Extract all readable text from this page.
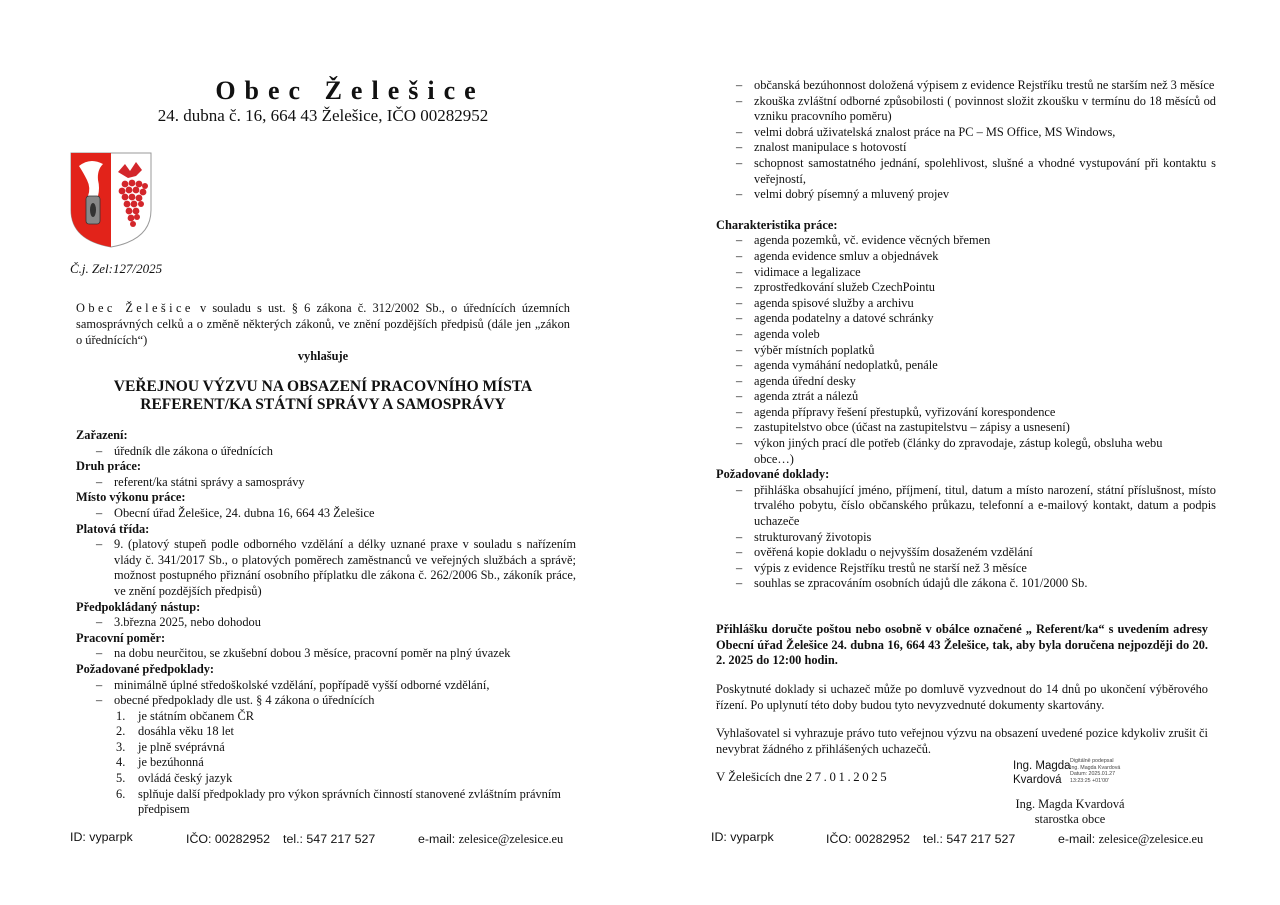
Obec Želešice
24. dubna č. 16, 664 43 Želešice, IČO 00282952
Č.j. Zel:127/2025
Obec Želešice v souladu s ust. § 6 zákona č. 312/2002 Sb., o úřednících územních samosprávných celků a o změně některých zákonů, ve znění pozdějších předpisů (dále jen „zákon o úřednících“)
vyhlašuje
VEŘEJNOU VÝZVU NA OBSAZENÍ PRACOVNÍHO MÍSTA
REFERENT/KA STÁTNÍ SPRÁVY A SAMOSPRÁVY
Zařazení:
– úředník dle zákona o úřednících
Druh práce:
– referent/ka státni správy a samosprávy
Místo výkonu práce:
– Obecní úřad Želešice, 24. dubna 16, 664 43 Želešice
Platová třída:
– 9. (platový stupeň podle odborného vzdělání a délky uznané praxe v souladu s nařízením vlády č. 341/2017 Sb., o platových poměrech zaměstnanců ve veřejných službách a správě; možnost postupného přiznání osobního příplatku dle zákona č. 262/2006 Sb., zákoník práce, ve znění pozdějších předpisů)
Předpokládaný nástup:
– 3.března 2025, nebo dohodou
Pracovní poměr:
– na dobu neurčitou, se zkušební dobou 3 měsíce, pracovní poměr na plný úvazek
Požadované předpoklady:
– minimálně úplné středoškolské vzdělání, popřípadě vyšší odborné vzdělání,
– obecné předpoklady dle ust. § 4 zákona o úřednících
1. je státním občanem ČR
2. dosáhla věku 18 let
3. je plně svéprávná
4. je bezúhonná
5. ovládá český jazyk
6. splňuje další předpoklady pro výkon správních činností stanovené zvláštním právním předpisem
ID: vyparpk	IČO: 00282952 tel.: 547 217 527	e-mail: zelesice@zelesice.eu
– občanská bezúhonnost doložená výpisem z evidence Rejstříku trestů ne starším než 3 měsíce
– zkouška zvláštní odborné způsobilosti ( povinnost složit zkoušku v termínu do 18 měsíců od vzniku pracovního poměru)
– velmi dobrá uživatelská znalost práce na PC – MS Office, MS Windows,
– znalost manipulace s hotovostí
– schopnost samostatného jednání, spolehlivost, slušné a vhodné vystupování při kontaktu s veřejností,
– velmi dobrý písemný a mluvený projev
Charakteristika práce:
– agenda pozemků, vč. evidence věcných břemen
– agenda evidence smluv a objednávek
– vidimace a legalizace
– zprostředkování služeb CzechPointu
– agenda spisové služby a archivu
– agenda podatelny a datové schránky
– agenda voleb
– výběr místních poplatků
– agenda vymáhání nedoplatků, penále
– agenda úřední desky
– agenda ztrát a nálezů
– agenda přípravy řešení přestupků, vyřizování korespondence
– zastupitelstvo obce (účast na zastupitelstvu – zápisy a usnesení)
– výkon jiných prací dle potřeb (články do zpravodaje, zástup kolegů, obsluha webu obce…)
Požadované doklady:
– přihláška obsahující jméno, příjmení, titul, datum a místo narození, státní příslušnost, místo trvalého pobytu, číslo občanského průkazu, telefonní a e-mailový kontakt, datum a podpis uchazeče
– strukturovaný životopis
– ověřená kopie dokladu o nejvyšším dosaženém vzdělání
– výpis z evidence Rejstříku trestů ne starší než 3 měsíce
– souhlas se zpracováním osobních údajů dle zákona č. 101/2000 Sb.
Přihlášku doručte poštou nebo osobně v obálce označené „ Referent/ka“ s uvedením adresy Obecní úřad Želešice 24. dubna 16, 664 43 Želešice, tak, aby byla doručena nejpozději do 20. 2. 2025 do 12:00 hodin.
Poskytnuté doklady si uchazeč může po domluvě vyzvednout do 14 dnů po ukončení výběrového řízení. Po uplynutí této doby budou tyto nevyzvednuté dokumenty skartovány.
Vyhlašovatel si vyhrazuje právo tuto veřejnou výzvu na obsazení uvedené pozice kdykoliv zrušit či nevybrat žádného z přihlášených uchazečů.
V Želešicích dne 27.01.2025
Ing. Magda
Kvardová
Digitálně podepsal
Ing. Magda Kvardová
Datum: 2025.01.27
13:23:25 +01'00'
Ing. Magda Kvardová
starostka obce
ID: vyparpk	IČO: 00282952 tel.: 547 217 527	e-mail: zelesice@zelesice.eu
